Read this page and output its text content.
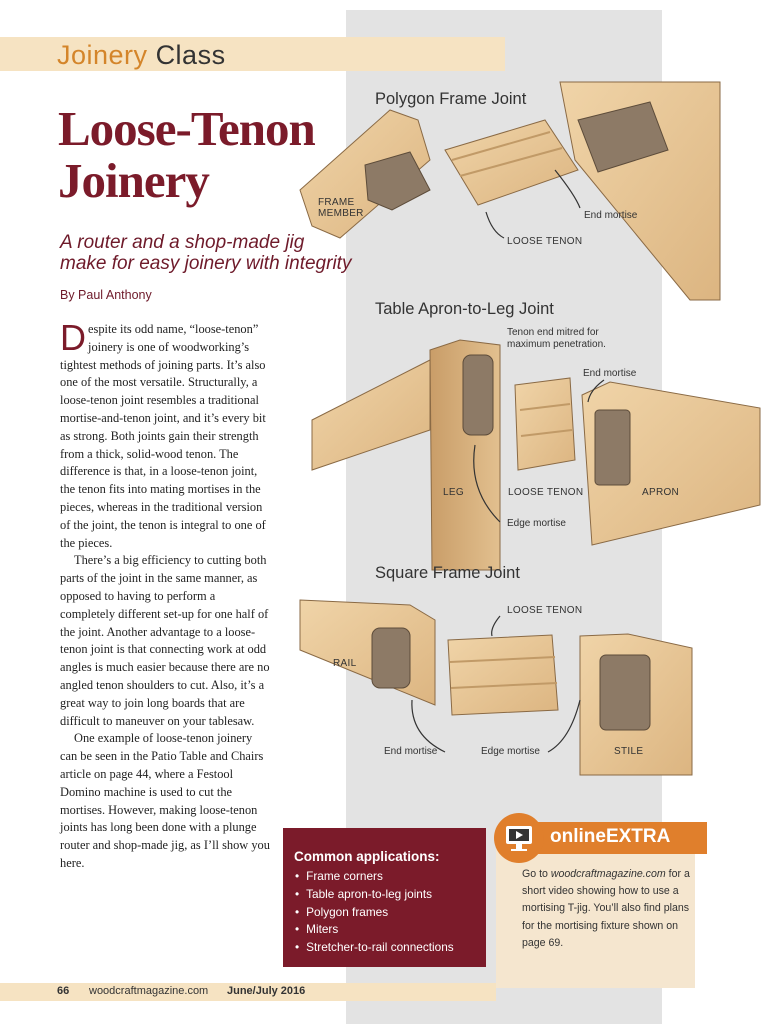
Joinery Class
Polygon Frame Joint
FRAME
MEMBER	End mortise
LOOSE TENON
Table Apron-to-Leg Joint
Tenon end mitred for
maximum penetration.
End mortise
LEG	LOOSE TENON	APRON
Edge mortise
Square Frame Joint
LOOSE TENON
RAIL
End mortise	Edge mortise	STILE
Loose-Tenon
Joinery
A router and a shop-made jig
make for easy joinery with integrity
By Paul Anthony

Despite its odd name, “loose-tenon” joinery is one of woodworking’s tightest methods of joining parts. It’s also one of the most versatile. Structurally, a loose-tenon joint resembles a traditional mortise-and-tenon joint, and it’s every bit as strong. Both joints gain their strength from a thick, solid-wood tenon. The difference is that, in a loose-tenon joint, the tenon fits into mating mortises in the pieces, whereas in the traditional version of the joint, the tenon is integral to one of the pieces.

There’s a big efficiency to cutting both parts of the joint in the same manner, as opposed to having to perform a completely different set-up for one half of the joint. Another advantage to a loose-tenon joint is that connecting work at odd angles is much easier because there are no angled tenon shoulders to cut. Also, it’s a great way to join long boards that are difficult to maneuver on your tablesaw.

One example of loose-tenon joinery can be seen in the Patio Table and Chairs article on page 44, where a Festool Domino machine is used to cut the mortises. However, making loose-tenon joints has long been done with a plunge router and shop-made jig, as I’ll show you here.	Common applications:
• Frame corners
• Table apron-to-leg joints
• Polygon frames
• Miters
• Stretcher-to-rail connections
onlineEXTRA
Go to woodcraftmagazine.com for a short video showing how to use a mortising T-jig. You’ll also find plans for the mortising fixture shown on page 69.
66 woodcraftmagazine.com June/July 2016
